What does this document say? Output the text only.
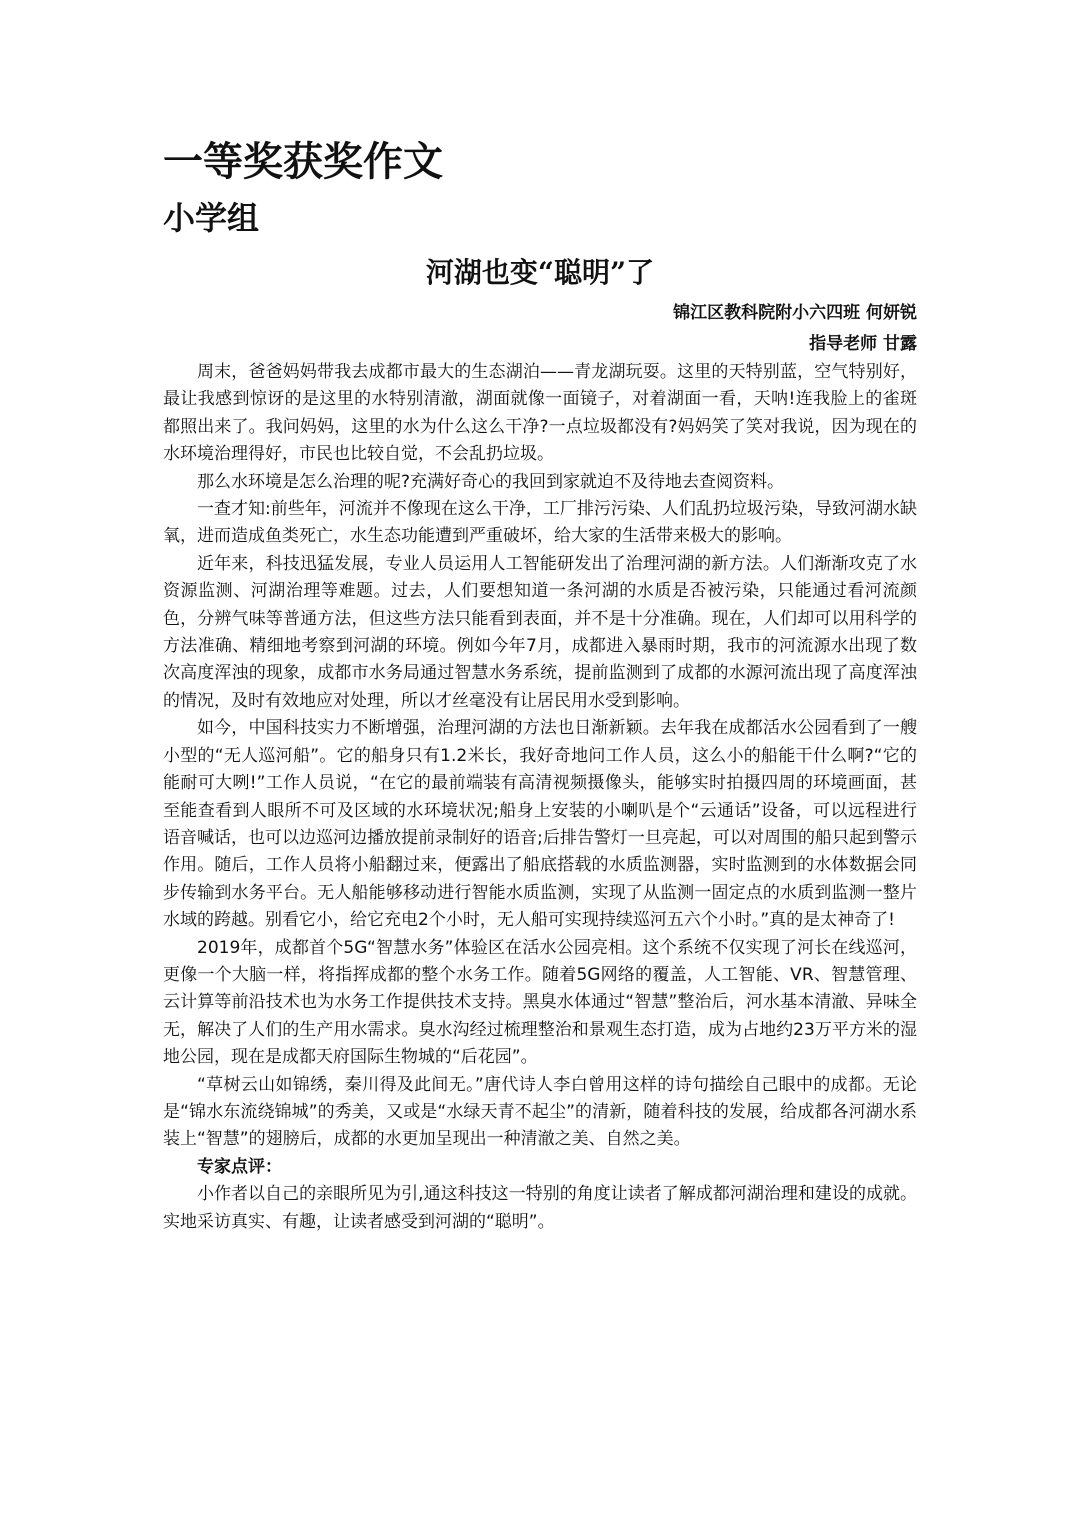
一等奖获奖作文
小学组
河湖也变“聪明”了
锦江区教科院附小六四班 何妍锐
指导老师 甘露

周末，爸爸妈妈带我去成都市最大的生态湖泊——青龙湖玩耍。这里的天特别蓝，空气特别好，最让我感到惊讶的是这里的水特别清澈，湖面就像一面镜子，对着湖面一看，天呐!连我脸上的雀斑都照出来了。我问妈妈，这里的水为什么这么干净?一点垃圾都没有?妈妈笑了笑对我说，因为现在的水环境治理得好，市民也比较自觉，不会乱扔垃圾。

那么水环境是怎么治理的呢?充满好奇心的我回到家就迫不及待地去查阅资料。

一查才知:前些年，河流并不像现在这么干净，工厂排污污染、人们乱扔垃圾污染，导致河湖水缺氧，进而造成鱼类死亡，水生态功能遭到严重破坏，给大家的生活带来极大的影响。

近年来，科技迅猛发展，专业人员运用人工智能研发出了治理河湖的新方法。人们渐渐攻克了水资源监测、河湖治理等难题。过去，人们要想知道一条河湖的水质是否被污染，只能通过看河流颜色，分辨气味等普通方法，但这些方法只能看到表面，并不是十分准确。现在，人们却可以用科学的方法准确、精细地考察到河湖的环境。例如今年7月，成都进入暴雨时期，我市的河流源水出现了数次高度浑浊的现象，成都市水务局通过智慧水务系统，提前监测到了成都的水源河流出现了高度浑浊的情况，及时有效地应对处理，所以才丝毫没有让居民用水受到影响。

如今，中国科技实力不断增强，治理河湖的方法也日渐新颖。去年我在成都活水公园看到了一艘小型的“无人巡河船”。它的船身只有1.2米长，我好奇地问工作人员，这么小的船能干什么啊?“它的能耐可大咧!”工作人员说，“在它的最前端装有高清视频摄像头，能够实时拍摄四周的环境画面，甚至能查看到人眼所不可及区域的水环境状况;船身上安装的小喇叭是个“云通话”设备，可以远程进行语音喊话，也可以边巡河边播放提前录制好的语音;后排告警灯一旦亮起，可以对周围的船只起到警示作用。随后，工作人员将小船翻过来，便露出了船底搭载的水质监测器，实时监测到的水体数据会同步传输到水务平台。无人船能够移动进行智能水质监测，实现了从监测一固定点的水质到监测一整片水域的跨越。别看它小，给它充电2个小时，无人船可实现持续巡河五六个小时。”真的是太神奇了!

2019年，成都首个5G“智慧水务”体验区在活水公园亮相。这个系统不仅实现了河长在线巡河，更像一个大脑一样，将指挥成都的整个水务工作。随着5G网络的覆盖，人工智能、VR、智慧管理、云计算等前沿技术也为水务工作提供技术支持。黑臭水体通过“智慧”整治后，河水基本清澈、异味全无，解决了人们的生产用水需求。臭水沟经过梳理整治和景观生态打造，成为占地约23万平方米的湿地公园，现在是成都天府国际生物城的“后花园”。

“草树云山如锦绣，秦川得及此间无。”唐代诗人李白曾用这样的诗句描绘自己眼中的成都。无论是“锦水东流绕锦城”的秀美，又或是“水绿天青不起尘”的清新，随着科技的发展，给成都各河湖水系装上“智慧”的翅膀后，成都的水更加呈现出一种清澈之美、自然之美。

专家点评：

小作者以自己的亲眼所见为引,通这科技这一特别的角度让读者了解成都河湖治理和建设的成就。实地采访真实、有趣，让读者感受到河湖的“聪明”。
